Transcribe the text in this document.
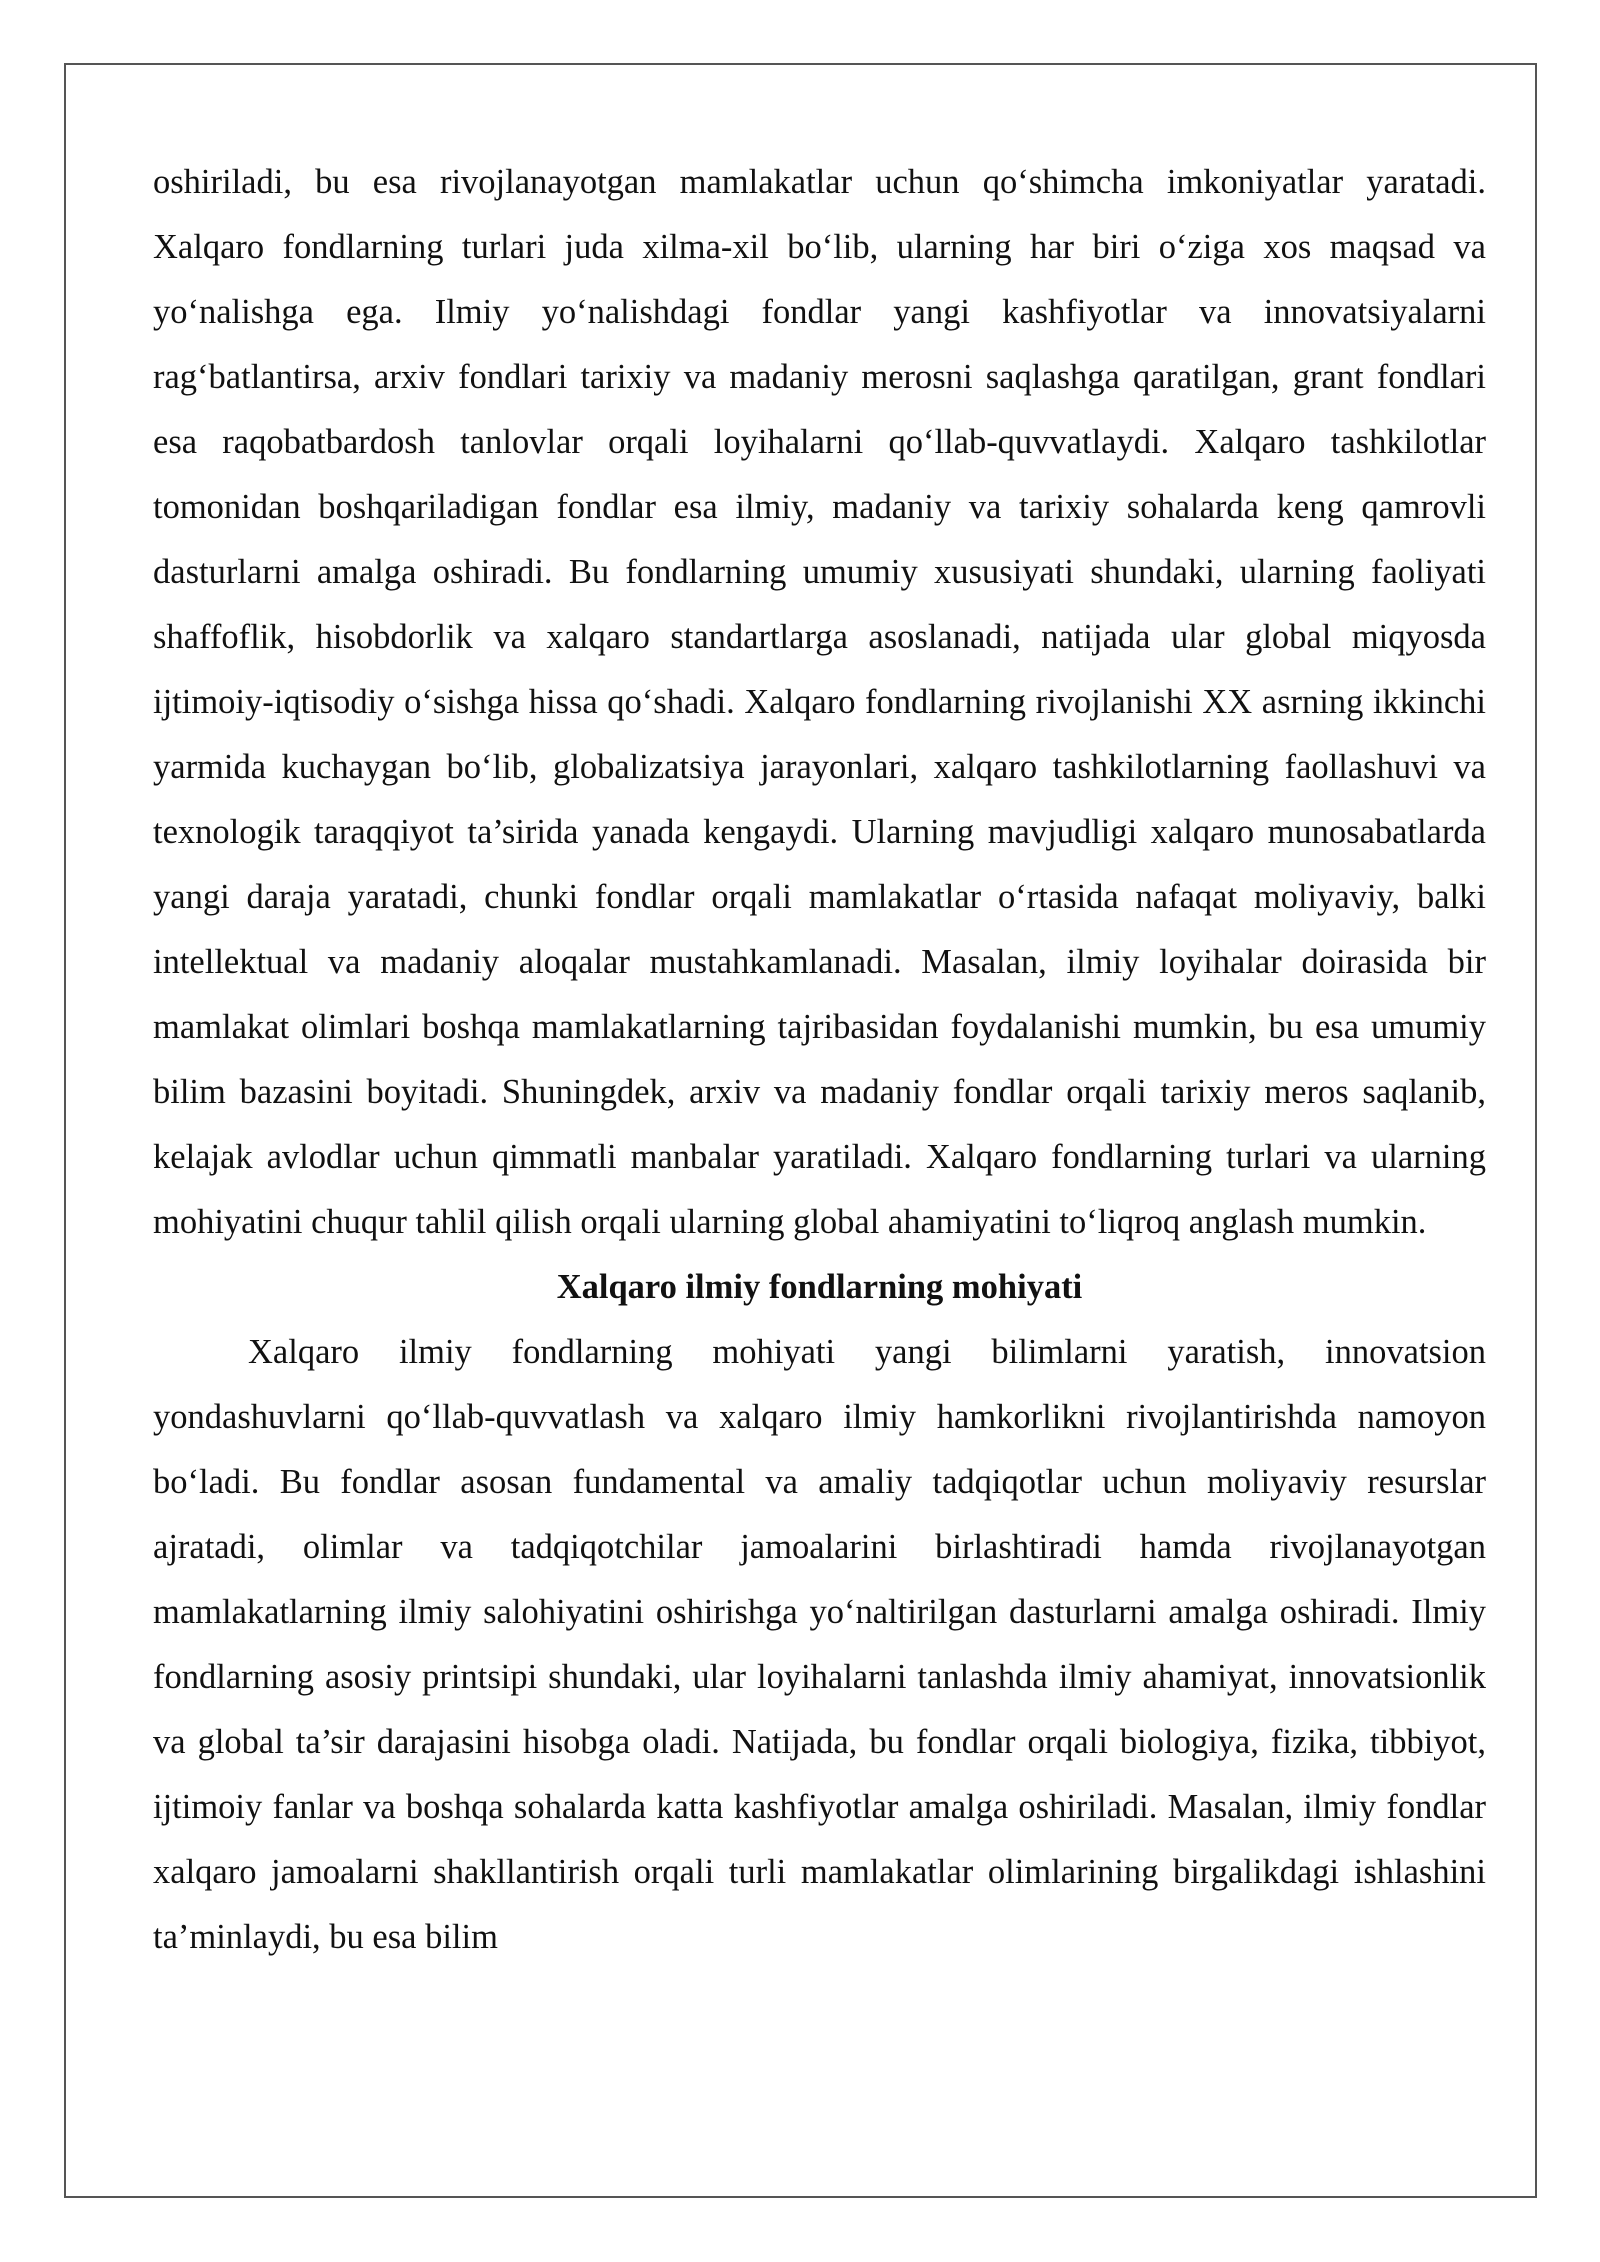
oshiriladi, bu esa rivojlanayotgan mamlakatlar uchun qo‘shimcha imkoniyatlar yaratadi. Xalqaro fondlarning turlari juda xilma-xil bo‘lib, ularning har biri o‘ziga xos maqsad va yo‘nalishga ega. Ilmiy yo‘nalishdagi fondlar yangi kashfiyotlar va innovatsiyalarni rag‘batlantirsa, arxiv fondlari tarixiy va madaniy merosni saqlashga qaratilgan, grant fondlari esa raqobatbardosh tanlovlar orqali loyihalarni qo‘llab-quvvatlaydi. Xalqaro tashkilotlar tomonidan boshqariladigan fondlar esa ilmiy, madaniy va tarixiy sohalarda keng qamrovli dasturlarni amalga oshiradi. Bu fondlarning umumiy xususiyati shundaki, ularning faoliyati shaffoflik, hisobdorlik va xalqaro standartlarga asoslanadi, natijada ular global miqyosda ijtimoiy-iqtisodiy o‘sishga hissa qo‘shadi. Xalqaro fondlarning rivojlanishi XX asrning ikkinchi yarmida kuchaygan bo‘lib, globalizatsiya jarayonlari, xalqaro tashkilotlarning faollashuvi va texnologik taraqqiyot ta’sirida yanada kengaydi. Ularning mavjudligi xalqaro munosabatlarda yangi daraja yaratadi, chunki fondlar orqali mamlakatlar o‘rtasida nafaqat moliyaviy, balki intellektual va madaniy aloqalar mustahkamlanadi. Masalan, ilmiy loyihalar doirasida bir mamlakat olimlari boshqa mamlakatlarning tajribasidan foydalanishi mumkin, bu esa umumiy bilim bazasini boyitadi. Shuningdek, arxiv va madaniy fondlar orqali tarixiy meros saqlanib, kelajak avlodlar uchun qimmatli manbalar yaratiladi. Xalqaro fondlarning turlari va ularning mohiyatini chuqur tahlil qilish orqali ularning global ahamiyatini to‘liqroq anglash mumkin.

Xalqaro ilmiy fondlarning mohiyati

Xalqaro ilmiy fondlarning mohiyati yangi bilimlarni yaratish, innovatsion yondashuvlarni qo‘llab-quvvatlash va xalqaro ilmiy hamkorlikni rivojlantirishda namoyon bo‘ladi. Bu fondlar asosan fundamental va amaliy tadqiqotlar uchun moliyaviy resurslar ajratadi, olimlar va tadqiqotchilar jamoalarini birlashtiradi hamda rivojlanayotgan mamlakatlarning ilmiy salohiyatini oshirishga yo‘naltirilgan dasturlarni amalga oshiradi. Ilmiy fondlarning asosiy printsipi shundaki, ular loyihalarni tanlashda ilmiy ahamiyat, innovatsionlik va global ta’sir darajasini hisobga oladi. Natijada, bu fondlar orqali biologiya, fizika, tibbiyot, ijtimoiy fanlar va boshqa sohalarda katta kashfiyotlar amalga oshiriladi. Masalan, ilmiy fondlar xalqaro jamoalarni shakllantirish orqali turli mamlakatlar olimlarining birgalikdagi ishlashini ta’minlaydi, bu esa bilim
